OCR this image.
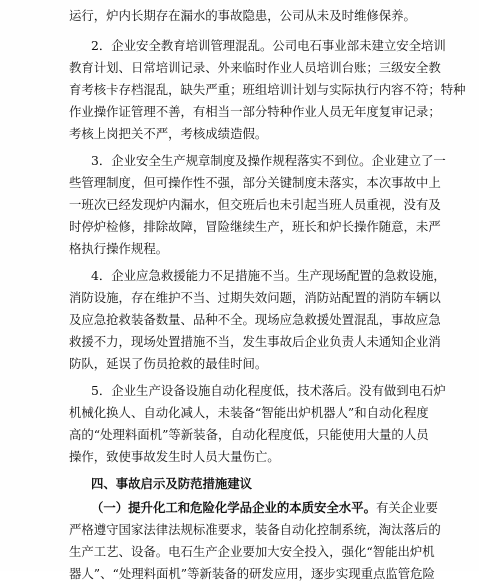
运行，炉内长期存在漏水的事故隐患，公司从未及时维修保养。
2．企业安全教育培训管理混乱。公司电石事业部未建立安全培训
教育计划、日常培训记录、外来临时作业人员培训台账；三级安全教
育考核卡存档混乱，缺失严重；班组培训计划与实际执行内容不符；特种
作业操作证管理不善，有相当一部分特种作业人员无年度复审记录；
考核上岗把关不严，考核成绩造假。
3．企业安全生产规章制度及操作规程落实不到位。企业建立了一
些管理制度，但可操作性不强，部分关键制度未落实，本次事故中上
一班次已经发现炉内漏水，但交班后也未引起当班人员重视，没有及
时停炉检修，排除故障，冒险继续生产，班长和炉长操作随意，未严
格执行操作规程。
4．企业应急救援能力不足措施不当。生产现场配置的急救设施，
消防设施，存在维护不当、过期失效问题，消防站配置的消防车辆以
及应急抢救装备数量、品种不全。现场应急救援处置混乱，事故应急
救援不力，现场处置措施不当，发生事故后企业负责人未通知企业消
防队，延误了伤员抢救的最佳时间。
5．企业生产设备设施自动化程度低，技术落后。没有做到电石炉
机械化换人、自动化减人，未装备“智能出炉机器人”和自动化程度
高的“处理料面机”等新装备，自动化程度低，只能使用大量的人员
操作，致使事故发生时人员大量伤亡。
四、事故启示及防范措施建议
（一）提升化工和危险化学品企业的本质安全水平。 有关企业要
严格遵守国家法律法规标准要求，装备自动化控制系统，淘汰落后的
生产工艺、设备。电石生产企业要加大安全投入，强化“智能出炉机
器人”、“处理料面机”等新装备的研发应用，逐步实现重点监管危险
